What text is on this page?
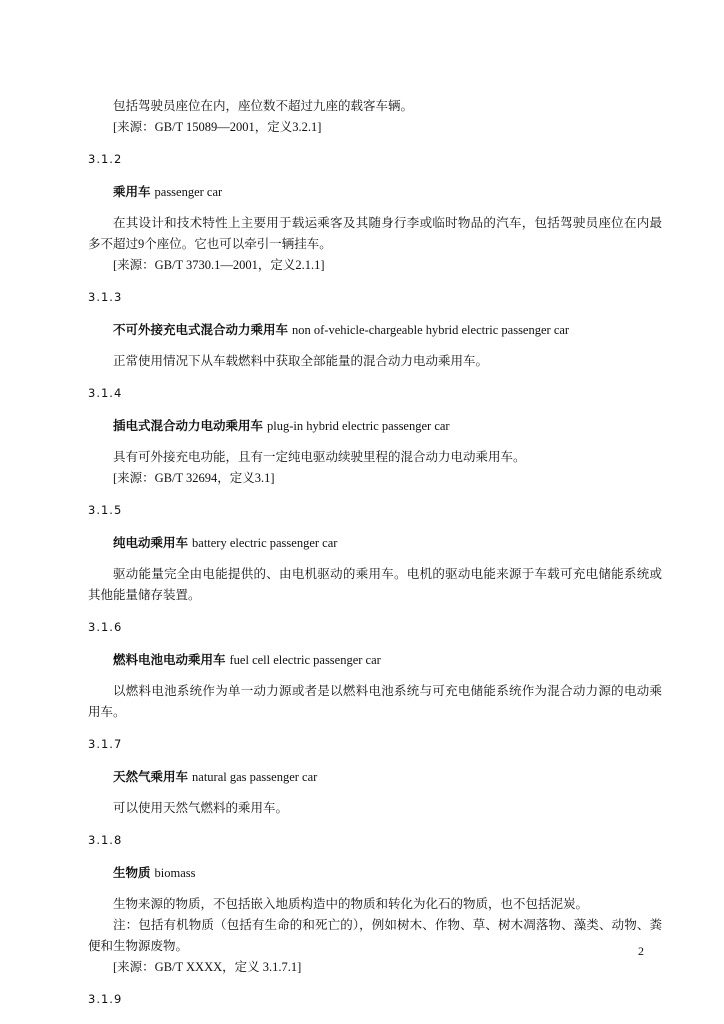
包括驾驶员座位在内，座位数不超过九座的载客车辆。

[来源：GB/T 15089—2001，定义3.2.1]

3.1.2

乘用车 passenger car

在其设计和技术特性上主要用于载运乘客及其随身行李或临时物品的汽车，包括驾驶员座位在内最多不超过9个座位。它也可以牵引一辆挂车。

[来源：GB/T 3730.1—2001，定义2.1.1]

3.1.3

不可外接充电式混合动力乘用车 non of-vehicle-chargeable hybrid electric passenger car

正常使用情况下从车载燃料中获取全部能量的混合动力电动乘用车。

3.1.4

插电式混合动力电动乘用车 plug-in hybrid electric passenger car

具有可外接充电功能，且有一定纯电驱动续驶里程的混合动力电动乘用车。

[来源：GB/T 32694，定义3.1]

3.1.5

纯电动乘用车 battery electric passenger car

驱动能量完全由电能提供的、由电机驱动的乘用车。电机的驱动电能来源于车载可充电储能系统或其他能量储存装置。

3.1.6

燃料电池电动乘用车 fuel cell electric passenger car

以燃料电池系统作为单一动力源或者是以燃料电池系统与可充电储能系统作为混合动力源的电动乘用车。

3.1.7

天然气乘用车 natural gas passenger car

可以使用天然气燃料的乘用车。

3.1.8

生物质 biomass

生物来源的物质，不包括嵌入地质构造中的物质和转化为化石的物质，也不包括泥炭。

注：包括有机物质（包括有生命的和死亡的），例如树木、作物、草、树木凋落物、藻类、动物、粪便和生物源废物。

[来源：GB/T XXXX，定义 3.1.7.1]

3.1.9

2
